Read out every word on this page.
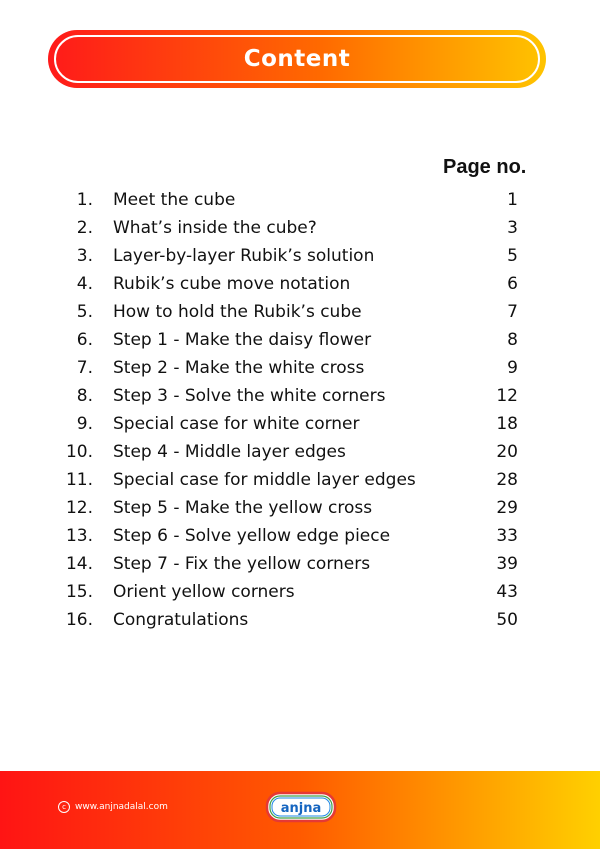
Content
Page no.
1. Meet the cube	1
2. What’s inside the cube?	3
3. Layer-by-layer Rubik’s solution	5
4. Rubik’s cube move notation	6
5. How to hold the Rubik’s cube	7
6. Step 1 - Make the daisy flower	8
7. Step 2 - Make the white cross	9
8. Step 3 - Solve the white corners	12
9. Special case for white corner	18
10. Step 4 - Middle layer edges	20
11. Special case for middle layer edges	28
12. Step 5 - Make the yellow cross	29
13. Step 6 - Solve yellow edge piece	33
14. Step 7 - Fix the yellow corners	39
15. Orient yellow corners	43
16. Congratulations	50
c	www.anjnadalal.com	anjna
